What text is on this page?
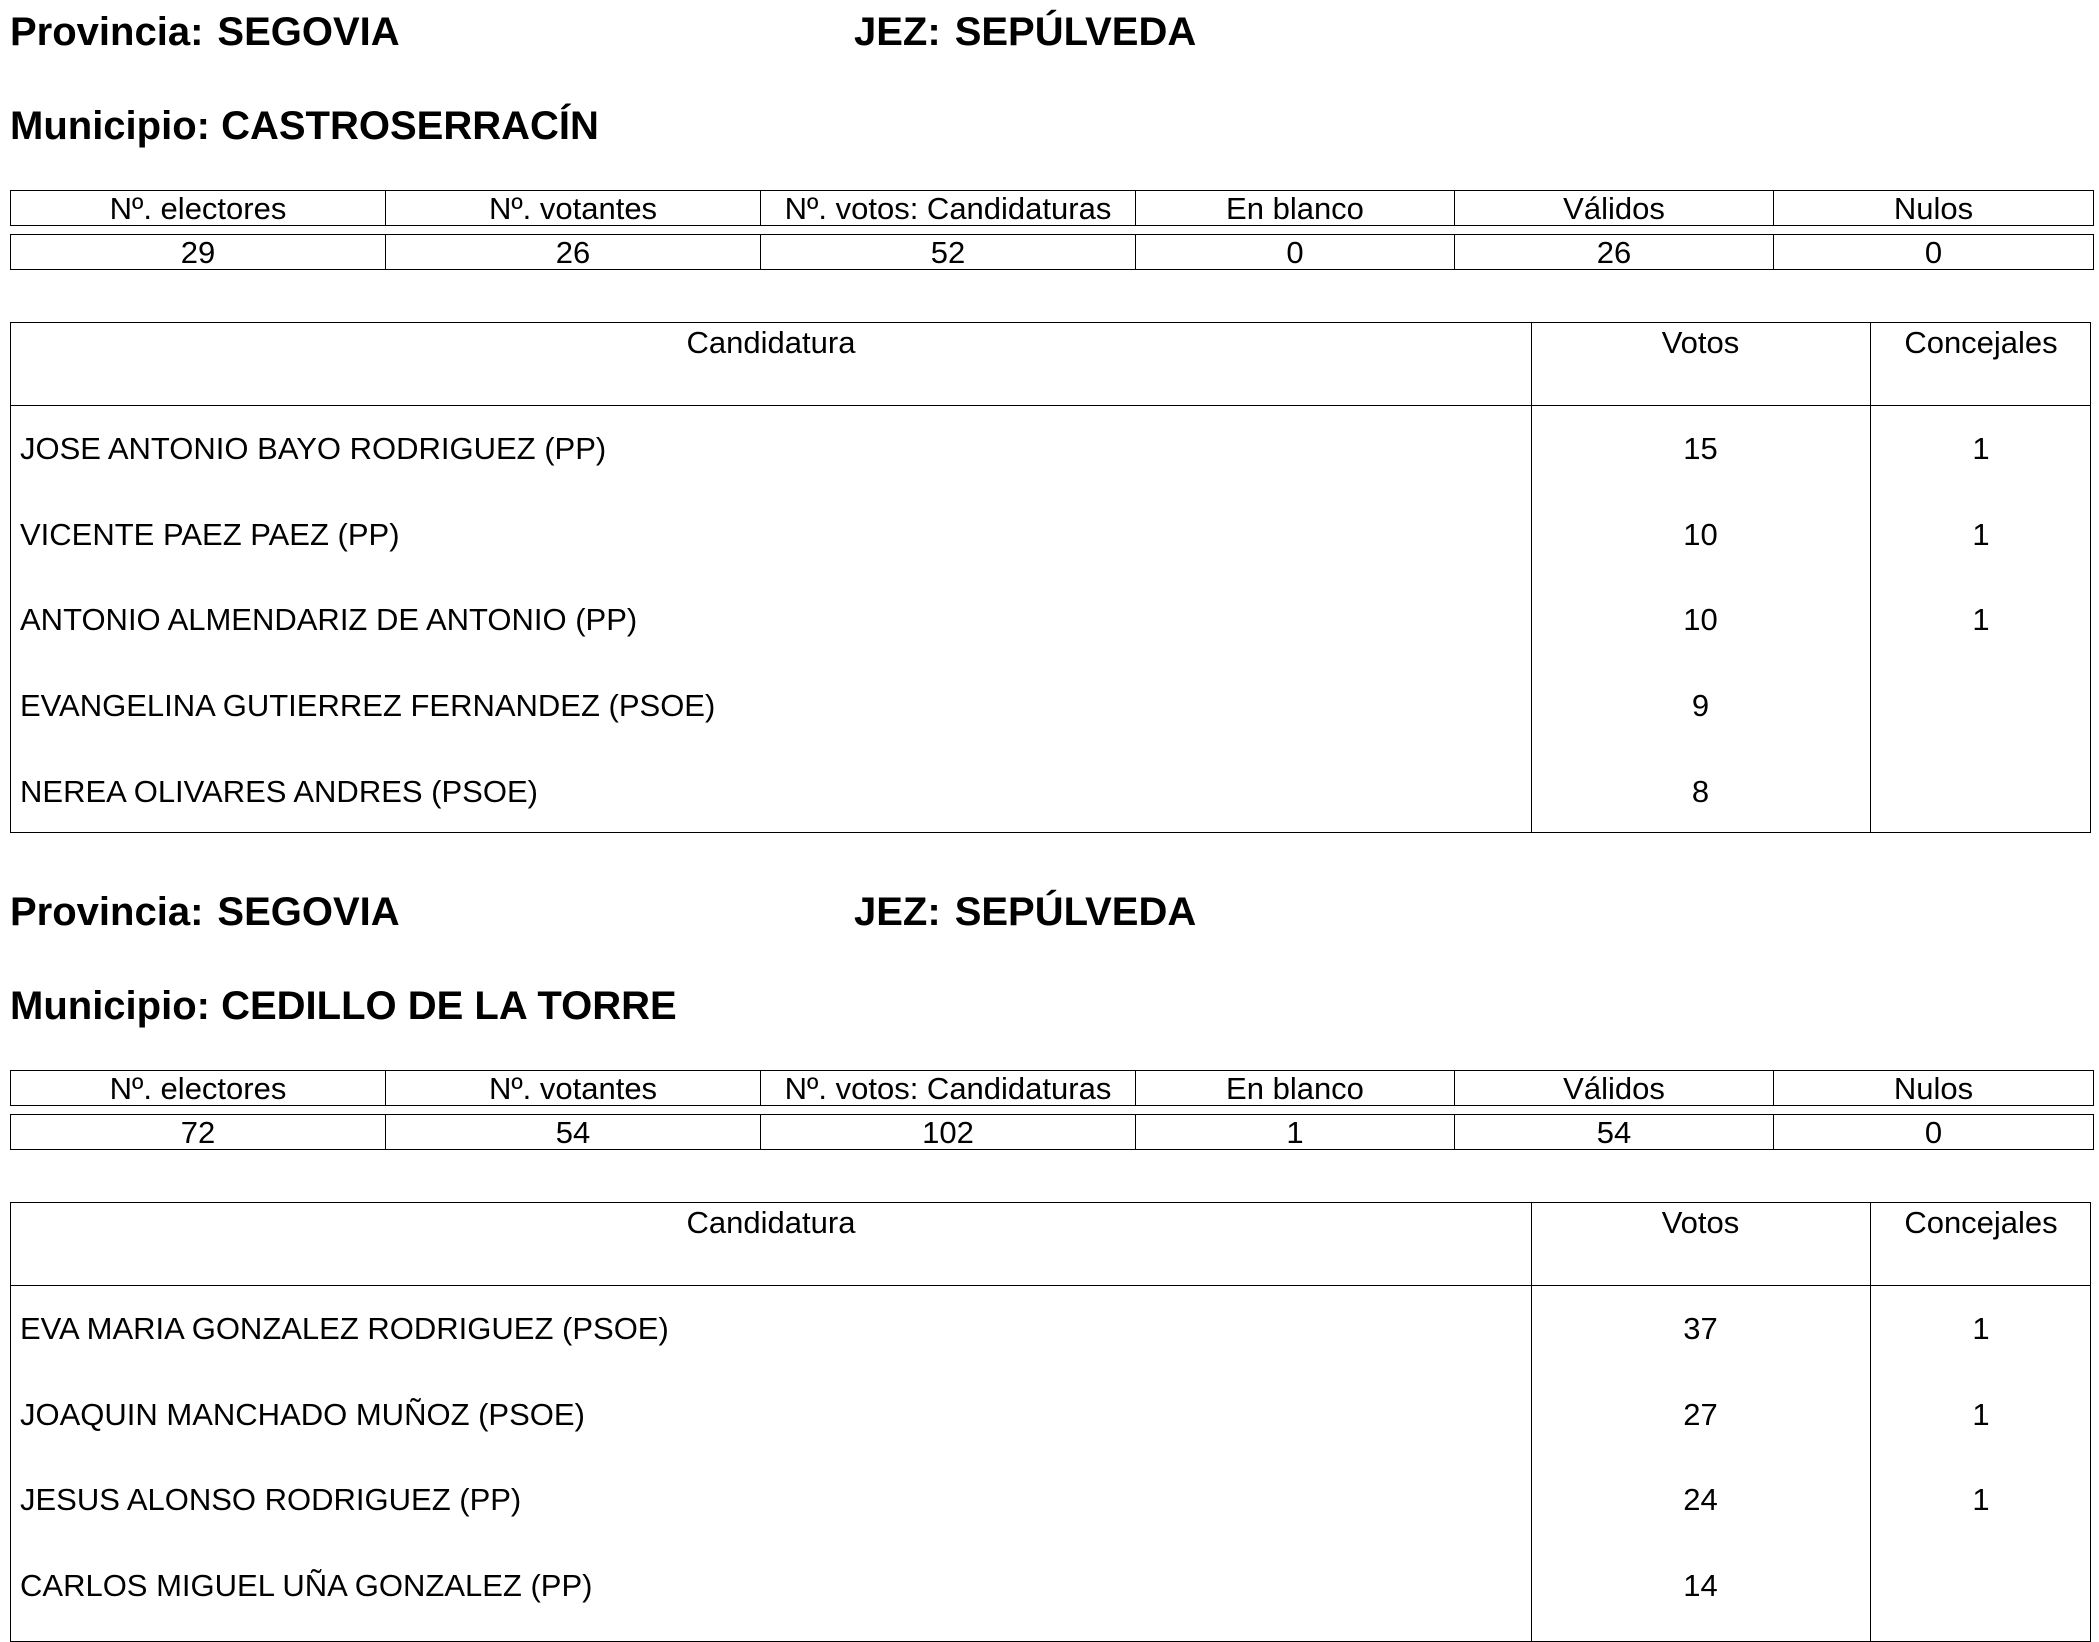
Provincia: SEGOVIA	JEZ: SEPÚLVEDA
Municipio: CASTROSERRACÍN
Nº. electores	Nº. votantes	Nº. votos: Candidaturas	En blanco	Válidos	Nulos

29	26	52	0	26	0
Candidatura	Votos	Concejales
JOSE ANTONIO BAYO RODRIGUEZ (PP)	15	1
VICENTE PAEZ PAEZ (PP)	10	1
ANTONIO ALMENDARIZ DE ANTONIO (PP)	10	1
EVANGELINA GUTIERREZ FERNANDEZ (PSOE)	9
NEREA OLIVARES ANDRES (PSOE)	8
Provincia: SEGOVIA	JEZ: SEPÚLVEDA
Municipio: CEDILLO DE LA TORRE
Nº. electores	Nº. votantes	Nº. votos: Candidaturas	En blanco	Válidos	Nulos

72	54	102	1	54	0
Candidatura	Votos	Concejales
EVA MARIA GONZALEZ RODRIGUEZ (PSOE)	37	1
JOAQUIN MANCHADO MUÑOZ (PSOE)	27	1
JESUS ALONSO RODRIGUEZ (PP)	24	1
CARLOS MIGUEL UÑA GONZALEZ (PP)	14
